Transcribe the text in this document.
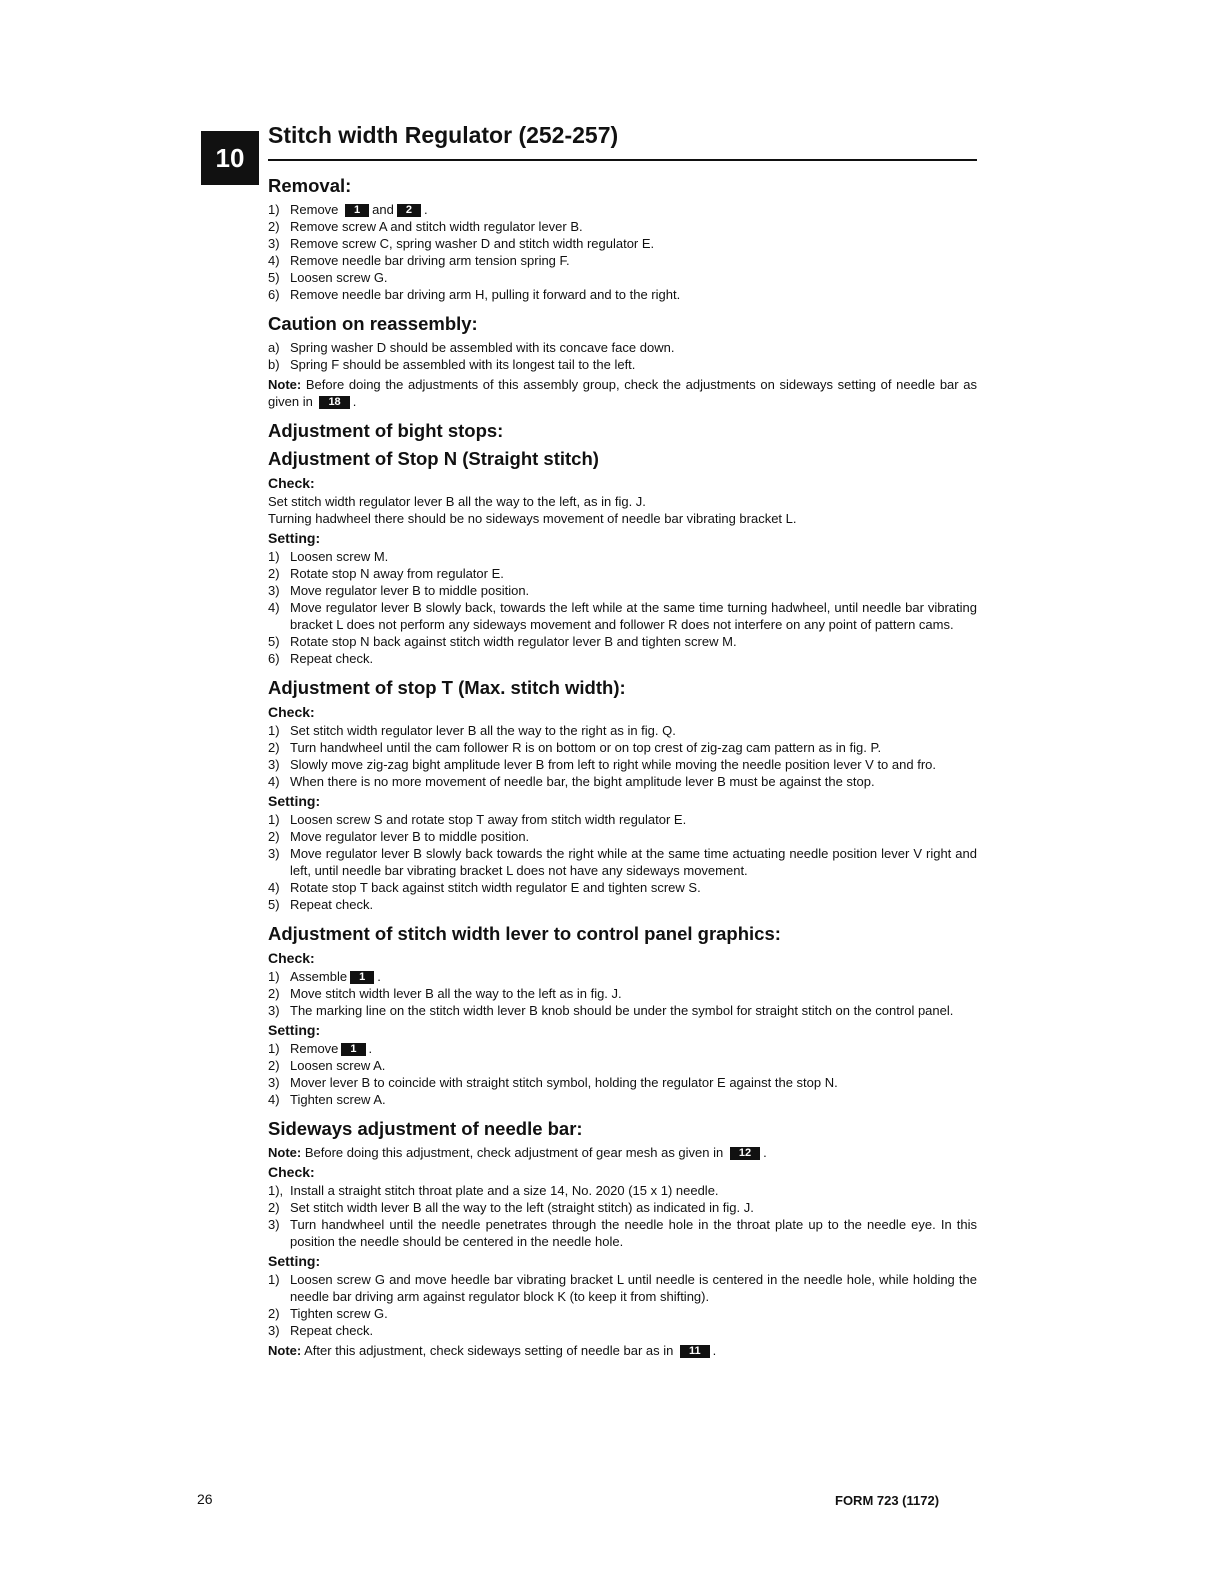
10
Stitch width Regulator (252-257)
Removal:
1) Remove 1 and 2 .
2) Remove screw A and stitch width regulator lever B.
3) Remove screw C, spring washer D and stitch width regulator E.
4) Remove needle bar driving arm tension spring F.
5) Loosen screw G.
6) Remove needle bar driving arm H, pulling it forward and to the right.
Caution on reassembly:
a) Spring washer D should be assembled with its concave face down.
b) Spring F should be assembled with its longest tail to the left.

Note: Before doing the adjustments of this assembly group, check the adjustments on sideways setting of needle bar as given in 18 .

Adjustment of bight stops:
Adjustment of Stop N (Straight stitch)
Check:

Set stitch width regulator lever B all the way to the left, as in fig. J.

Turning hadwheel there should be no sideways movement of needle bar vibrating bracket L.

Setting:
1) Loosen screw M.
2) Rotate stop N away from regulator E.
3) Move regulator lever B to middle position.
4) Move regulator lever B slowly back, towards the left while at the same time turning hadwheel, until needle bar vibrating bracket L does not perform any sideways movement and follower R does not interfere on any point of pattern cams.
5) Rotate stop N back against stitch width regulator lever B and tighten screw M.
6) Repeat check.
Adjustment of stop T (Max. stitch width):
Check:
1) Set stitch width regulator lever B all the way to the right as in fig. Q.
2) Turn handwheel until the cam follower R is on bottom or on top crest of zig-zag cam pattern as in fig. P.
3) Slowly move zig-zag bight amplitude lever B from left to right while moving the needle position lever V to and fro.
4) When there is no more movement of needle bar, the bight amplitude lever B must be against the stop.
Setting:
1) Loosen screw S and rotate stop T away from stitch width regulator E.
2) Move regulator lever B to middle position.
3) Move regulator lever B slowly back towards the right while at the same time actuating needle position lever V right and left, until needle bar vibrating bracket L does not have any sideways movement.
4) Rotate stop T back against stitch width regulator E and tighten screw S.
5) Repeat check.
Adjustment of stitch width lever to control panel graphics:
Check:
1) Assemble 1 .
2) Move stitch width lever B all the way to the left as in fig. J.
3) The marking line on the stitch width lever B knob should be under the symbol for straight stitch on the control panel.
Setting:
1) Remove 1 .
2) Loosen screw A.
3) Mover lever B to coincide with straight stitch symbol, holding the regulator E against the stop N.
4) Tighten screw A.
Sideways adjustment of needle bar:

Note: Before doing this adjustment, check adjustment of gear mesh as given in 12 .

Check:
1), Install a straight stitch throat plate and a size 14, No. 2020 (15 x 1) needle.
2) Set stitch width lever B all the way to the left (straight stitch) as indicated in fig. J.
3) Turn handwheel until the needle penetrates through the needle hole in the throat plate up to the needle eye. In this position the needle should be centered in the needle hole.
Setting:
1) Loosen screw G and move heedle bar vibrating bracket L until needle is centered in the needle hole, while holding the needle bar driving arm against regulator block K (to keep it from shifting).
2) Tighten screw G.
3) Repeat check.

Note: After this adjustment, check sideways setting of needle bar as in 11 .

26	FORM 723 (1172)
